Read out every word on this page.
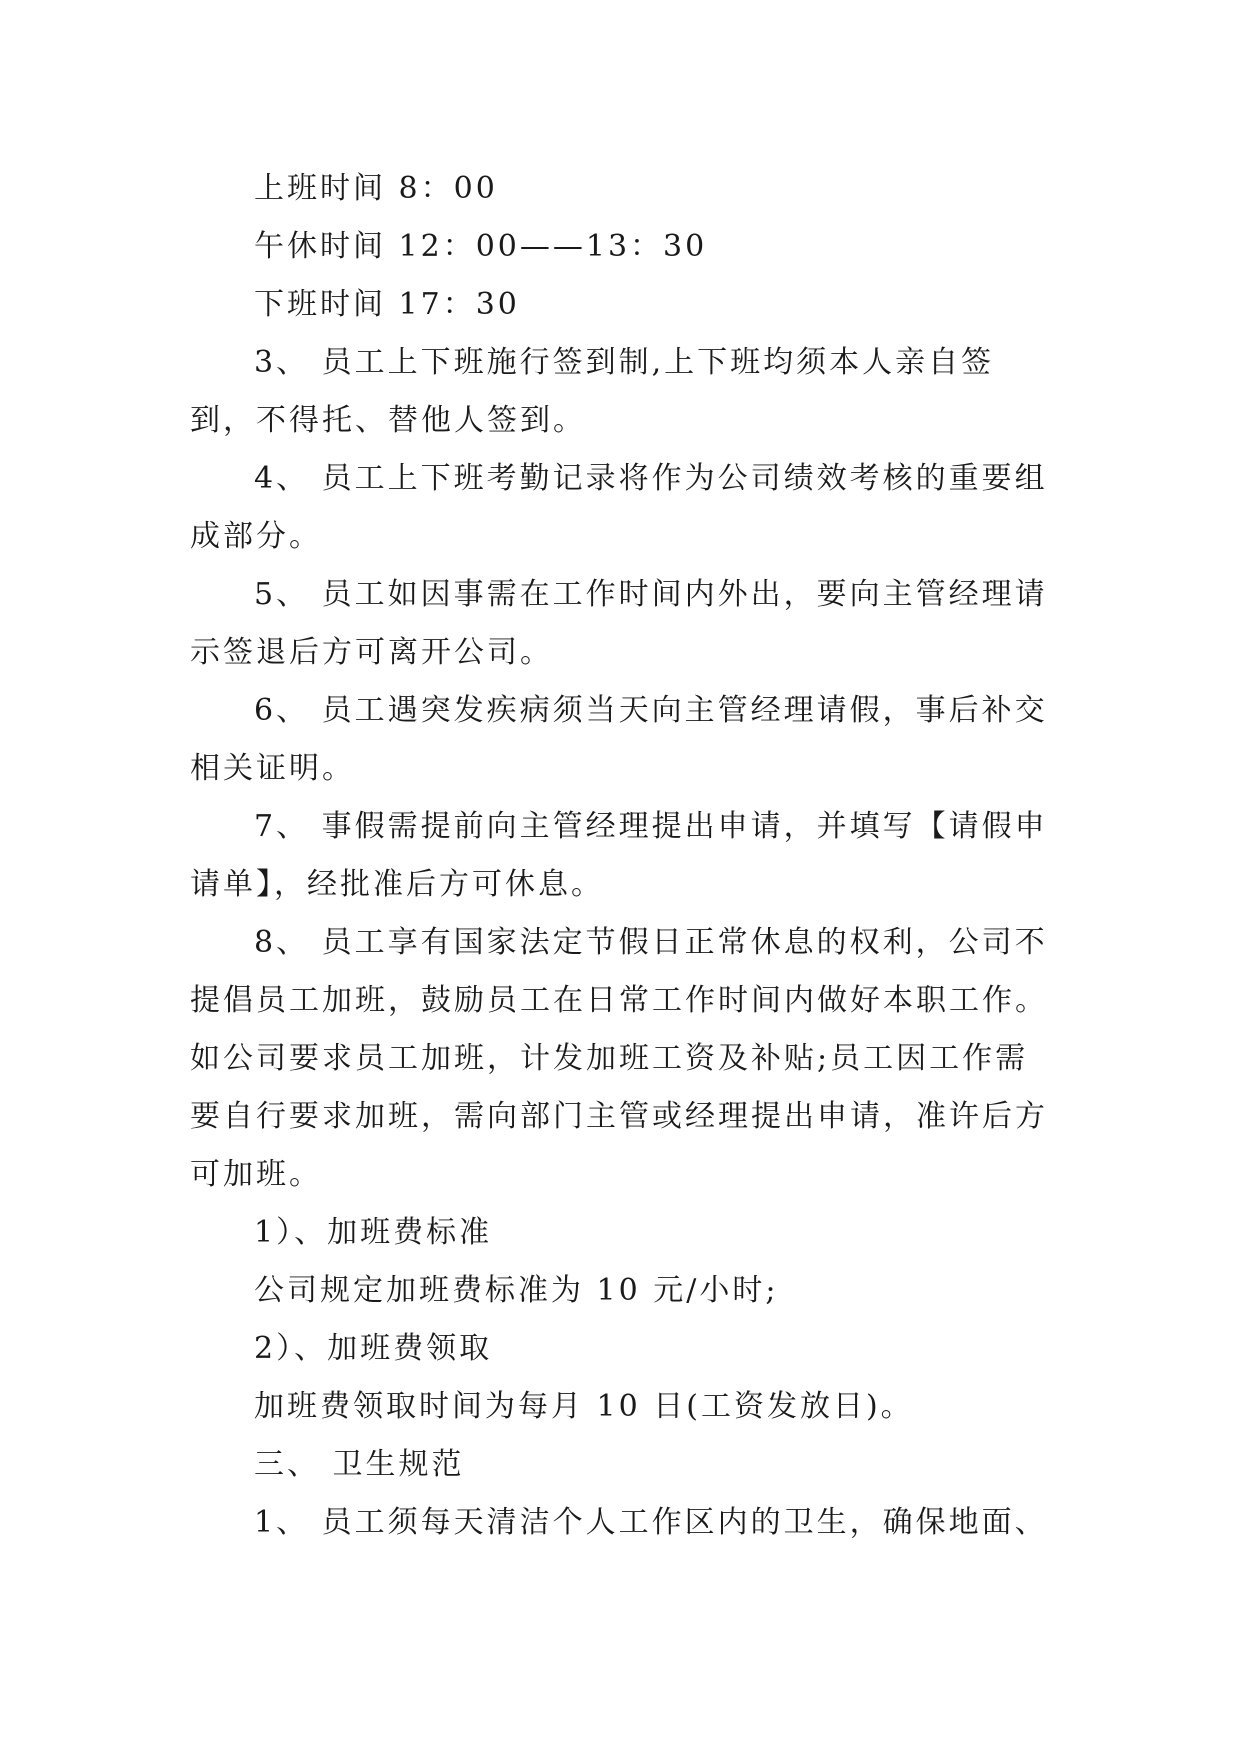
上班时间 8：00

午休时间 12：00——13：30

下班时间 17：30

3、 员工上下班施行签到制,上下班均须本人亲自签到，不得托、替他人签到。

4、 员工上下班考勤记录将作为公司绩效考核的重要组成部分。

5、 员工如因事需在工作时间内外出，要向主管经理请示签退后方可离开公司。

6、 员工遇突发疾病须当天向主管经理请假，事后补交相关证明。

7、 事假需提前向主管经理提出申请，并填写【请假申请单】，经批准后方可休息。

8、 员工享有国家法定节假日正常休息的权利，公司不提倡员工加班，鼓励员工在日常工作时间内做好本职工作。如公司要求员工加班，计发加班工资及补贴;员工因工作需要自行要求加班，需向部门主管或经理提出申请，准许后方可加班。

1）、加班费标准

公司规定加班费标准为 10 元/小时;

2）、加班费领取

加班费领取时间为每月 10 日(工资发放日)。

三、 卫生规范

1、 员工须每天清洁个人工作区内的卫生，确保地面、
